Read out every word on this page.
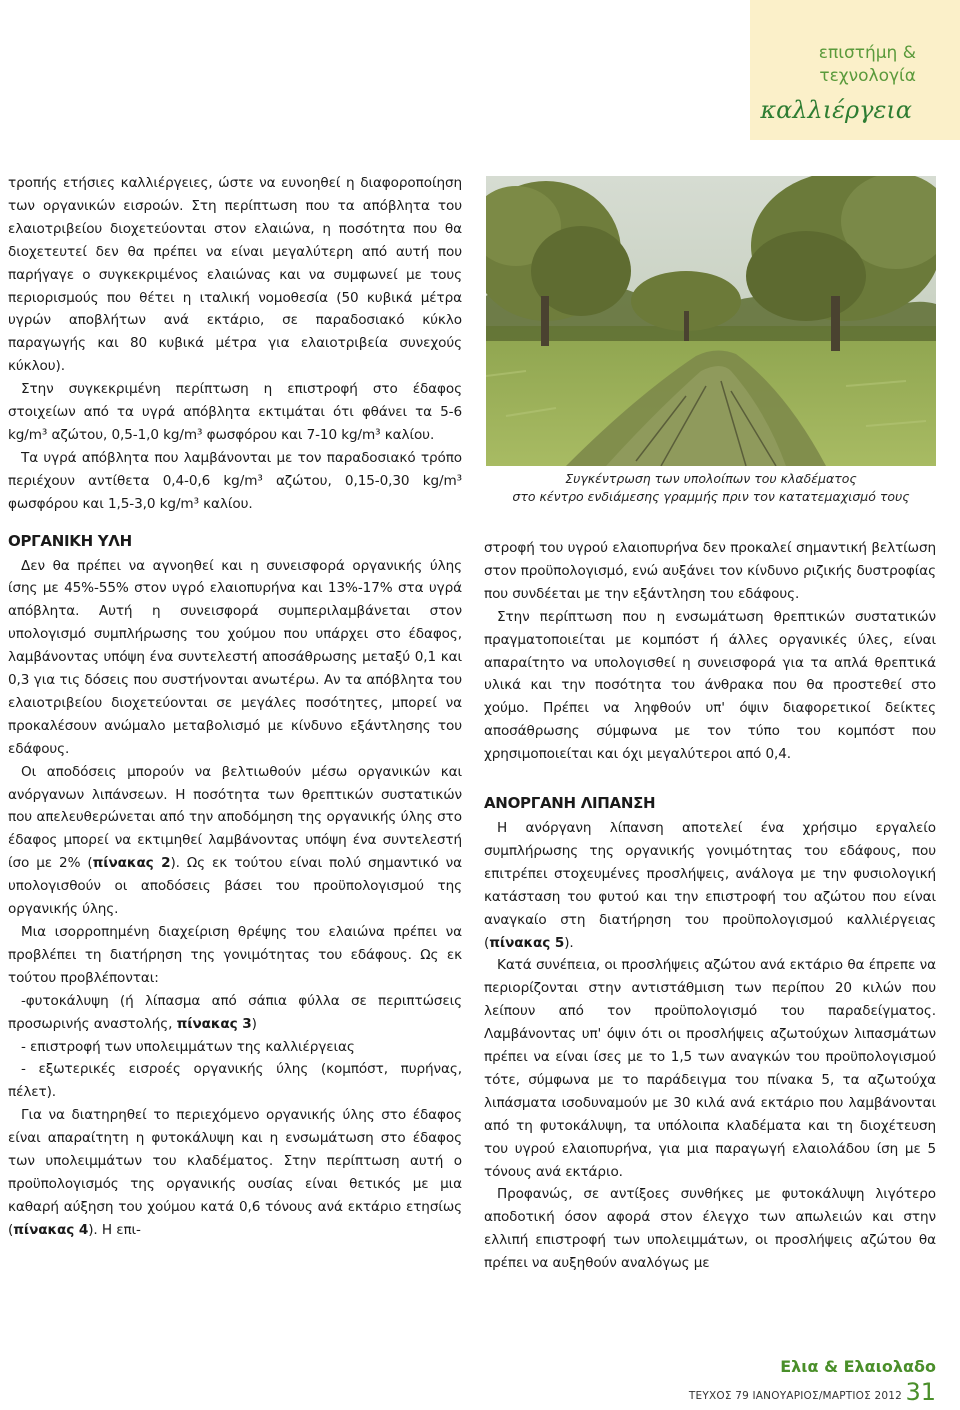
επιστήμη &
τεχνολογία
καλλιέργεια

τροπής ετήσιες καλλιέργειες, ώστε να ευνοηθεί η διαφοροποίηση των οργανικών εισροών. Στη περίπτωση που τα απόβλητα του ελαιοτριβείου διοχετεύονται στον ελαιώνα, η ποσότητα που θα διοχετευτεί δεν θα πρέπει να είναι μεγαλύτερη από αυτή που παρήγαγε ο συγκεκριμένος ελαιώνας και να συμφωνεί με τους περιορισμούς που θέτει η ιταλική νομοθεσία (50 κυβικά μέτρα υγρών αποβλήτων ανά εκτάριο, σε παραδοσιακό κύκλο παραγωγής και 80 κυβικά μέτρα για ελαιοτριβεία συνεχούς κύκλου).

Στην συγκεκριμένη περίπτωση η επιστροφή στο έδαφος στοιχείων από τα υγρά απόβλητα εκτιμάται ότι φθάνει τα 5-6 kg/m³ αζώτου, 0,5-1,0 kg/m³ φωσφόρου και 7-10 kg/m³ καλίου.

Τα υγρά απόβλητα που λαμβάνονται με τον παραδοσιακό τρόπο περιέχουν αντίθετα 0,4-0,6 kg/m³ αζώτου, 0,15-0,30 kg/m³ φωσφόρου και 1,5-3,0 kg/m³ καλίου.

ΟΡΓΑΝΙΚΗ ΥΛΗ

Δεν θα πρέπει να αγνοηθεί και η συνεισφορά οργανικής ύλης ίσης με 45%-55% στον υγρό ελαιοπυρήνα και 13%-17% στα υγρά απόβλητα. Αυτή η συνεισφορά συμπεριλαμβάνεται στον υπολογισμό συμπλήρωσης του χούμου που υπάρχει στο έδαφος, λαμβάνοντας υπόψη ένα συντελεστή αποσάθρωσης μεταξύ 0,1 και 0,3 για τις δόσεις που συστήνονται ανωτέρω. Αν τα απόβλητα του ελαιοτριβείου διοχετεύονται σε μεγάλες ποσότητες, μπορεί να προκαλέσουν ανώμαλο μεταβολισμό με κίνδυνο εξάντλησης του εδάφους.

Οι αποδόσεις μπορούν να βελτιωθούν μέσω οργανικών και ανόργανων λιπάνσεων. Η ποσότητα των θρεπτικών συστατικών που απελευθερώνεται από την αποδόμηση της οργανικής ύλης στο έδαφος μπορεί να εκτιμηθεί λαμβάνοντας υπόψη ένα συντελεστή ίσο με 2% (πίνακας 2). Ως εκ τούτου είναι πολύ σημαντικό να υπολογισθούν οι αποδόσεις βάσει του προϋπολογισμού της οργανικής ύλης.

Μια ισορροπημένη διαχείριση θρέψης του ελαιώνα πρέπει να προβλέπει τη διατήρηση της γονιμότητας του εδάφους. Ως εκ τούτου προβλέπονται:

-φυτοκάλυψη (ή λίπασμα από σάπια φύλλα σε περιπτώσεις προσωρινής αναστολής, πίνακας 3)

- επιστροφή των υπολειμμάτων της καλλιέργειας

- εξωτερικές εισροές οργανικής ύλης (κομπόστ, πυρήνας, πέλετ).

Για να διατηρηθεί το περιεχόμενο οργανικής ύλης στο έδαφος είναι απαραίτητη η φυτοκάλυψη και η ενσωμάτωση στο έδαφος των υπολειμμάτων του κλαδέματος. Στην περίπτωση αυτή ο προϋπολογισμός της οργανικής ουσίας είναι θετικός με μια καθαρή αύξηση του χούμου κατά 0,6 τόνους ανά εκτάριο ετησίως (πίνακας 4). Η επι-

Συγκέντρωση των υπολοίπων του κλαδέματος
στο κέντρο ενδιάμεσης γραμμής πριν τον κατατεμαχισμό τους

στροφή του υγρού ελαιοπυρήνα δεν προκαλεί σημαντική βελτίωση στον προϋπολογισμό, ενώ αυξάνει τον κίνδυνο ριζικής δυστροφίας που συνδέεται με την εξάντληση του εδάφους.

Στην περίπτωση που η ενσωμάτωση θρεπτικών συστατικών πραγματοποιείται με κομπόστ ή άλλες οργανικές ύλες, είναι απαραίτητο να υπολογισθεί η συνεισφορά για τα απλά θρεπτικά υλικά και την ποσότητα του άνθρακα που θα προστεθεί στο χούμο. Πρέπει να ληφθούν υπ' όψιν διαφορετικοί δείκτες αποσάθρωσης σύμφωνα με τον τύπο του κομπόστ που χρησιμοποιείται και όχι μεγαλύτεροι από 0,4.

ΑΝΟΡΓΑΝΗ ΛΙΠΑΝΣΗ

Η ανόργανη λίπανση αποτελεί ένα χρήσιμο εργαλείο συμπλήρωσης της οργανικής γονιμότητας του εδάφους, που επιτρέπει στοχευμένες προσλήψεις, ανάλογα με την φυσιολογική κατάσταση του φυτού και την επιστροφή του αζώτου που είναι αναγκαίο στη διατήρηση του προϋπολογισμού καλλιέργειας (πίνακας 5).

Κατά συνέπεια, οι προσλήψεις αζώτου ανά εκτάριο θα έπρεπε να περιορίζονται στην αντιστάθμιση των περίπου 20 κιλών που λείπουν από τον προϋπολογισμό του παραδείγματος. Λαμβάνοντας υπ' όψιν ότι οι προσλήψεις αζωτούχων λιπασμάτων πρέπει να είναι ίσες με το 1,5 των αναγκών του προϋπολογισμού τότε, σύμφωνα με το παράδειγμα του πίνακα 5, τα αζωτούχα λιπάσματα ισοδυναμούν με 30 κιλά ανά εκτάριο που λαμβάνονται από τη φυτοκάλυψη, τα υπόλοιπα κλαδέματα και τη διοχέτευση του υγρού ελαιοπυρήνα, για μια παραγωγή ελαιολάδου ίση με 5 τόνους ανά εκτάριο.

Προφανώς, σε αντίξοες συνθήκες με φυτοκάλυψη λιγότερο αποδοτική όσον αφορά στον έλεγχο των απωλειών και στην ελλιπή επιστροφή των υπολειμμάτων, οι προσλήψεις αζώτου θα πρέπει να αυξηθούν αναλόγως με

Ελια & Ελαιολαδο
ΤΕΥΧΟΣ 79 ΙΑΝΟΥΑΡΙΟΣ/ΜΑΡΤΙΟΣ 2012 31
